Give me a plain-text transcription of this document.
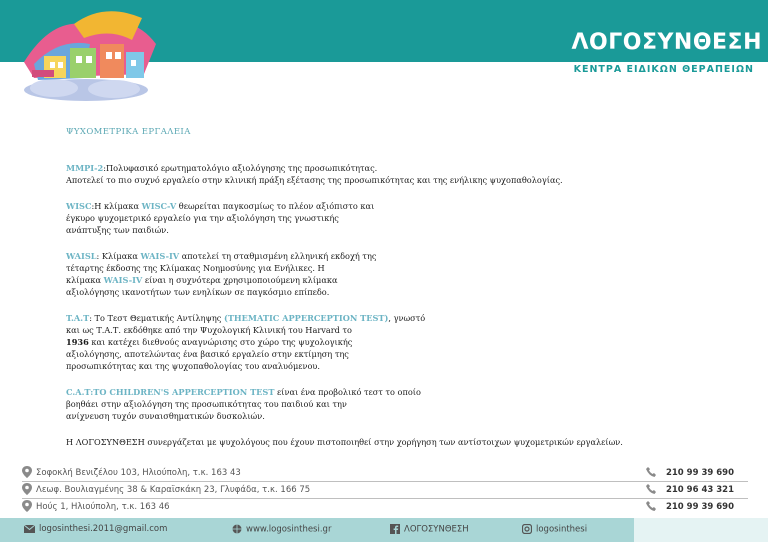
ΛΟΓΟΣΥΝΘΕΣΗ
ΚΕΝΤΡΑ ΕΙΔΙΚΩΝ ΘΕΡΑΠΕΙΩΝ
ΨΥΧΟΜΕΤΡΙΚΑ ΕΡΓΑΛΕΙΑ
MMPI-2:Πολυφασικό ερωτηματολόγιο αξιολόγησης της προσωπικότητας.
Αποτελεί το πιο συχνό εργαλείο στην κλινική πράξη εξέτασης της προσωπικότητας και της ενήλικης ψυχοπαθολογίας.
WISC:Η κλίμακα WISC-V θεωρείται παγκοσμίως το πλέον αξιόπιστο και
έγκυρο ψυχομετρικό εργαλείο για την αξιολόγηση της γνωστικής
ανάπτυξης των παιδιών.
WAISL: Κλίμακα WAIS-IV αποτελεί τη σταθμισμένη ελληνική εκδοχή της
τέταρτης έκδοσης της Κλίμακας Νοημοσύνης για Ενήλικες. Η
κλίμακα WAIS-IV είναι η συχνότερα χρησιμοποιούμενη κλίμακα
αξιολόγησης ικανοτήτων των ενηλίκων σε παγκόσμιο επίπεδο.
T.A.T: Το Τεστ Θεματικής Αντίληψης (THEMATIC APPERCEPTION TEST), γνωστό
και ως Τ.Α.Τ. εκδόθηκε από την Ψυχολογική Κλινική του Harvard το
1936 και κατέχει διεθνούς αναγνώρισης στο χώρο της ψυχολογικής
αξιολόγησης, αποτελώντας ένα βασικό εργαλείο στην εκτίμηση της
προσωπικότητας και της ψυχοπαθολογίας του αναλυόμενου.
C.A.T:TO CHILDREN'S APPERCEPTION TEST είναι ένα προβολικό τεστ το οποίο
βοηθάει στην αξιολόγηση της προσωπικότητας του παιδιού και την
ανίχνευση τυχόν συναισθηματικών δυσκολιών.
Η ΛΟΓΟΣΥΝΘΕΣΗ συνεργάζεται με ψυχολόγους που έχουν πιστοποιηθεί στην χορήγηση των αντίστοιχων ψυχομετρικών εργαλείων.
Σοφοκλή Βενιζέλου 103, Ηλιούπολη, τ.κ. 163 43	210 99 39 690
Λεωφ. Βουλιαγμένης 38 & Καραϊσκάκη 23, Γλυφάδα, τ.κ. 166 75	210 96 43 321
Ηούς 1, Ηλιούπολη, τ.κ. 163 46	210 99 39 690
logosinthesi.2011@gmail.com	www.logosinthesi.gr	ΛΟΓΟΣΥΝΘΕΣΗ	logosinthesi
